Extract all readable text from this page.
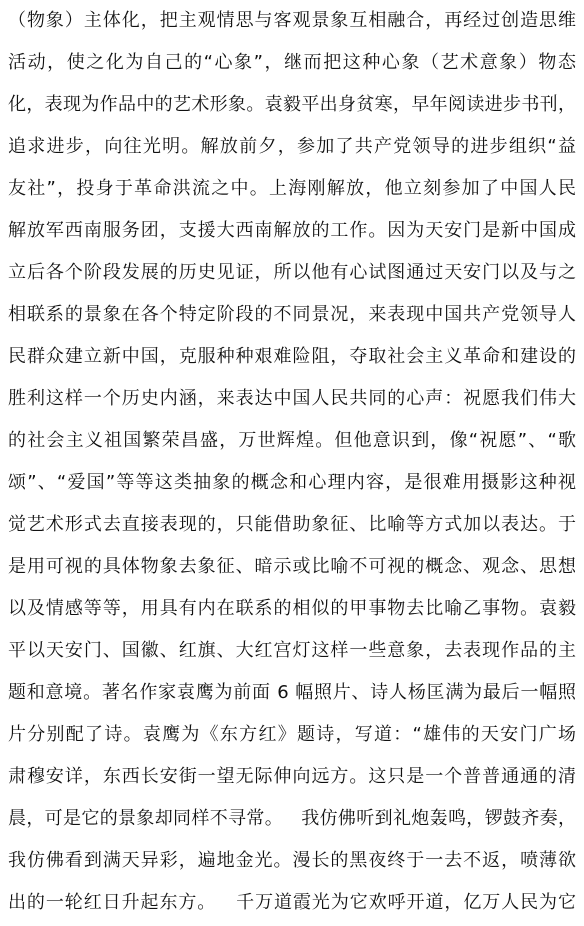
（物象）主体化，把主观情思与客观景象互相融合，再经过创造思维
活动，使之化为自己的“心象”，继而把这种心象（艺术意象）物态
化，表现为作品中的艺术形象。袁毅平出身贫寒，早年阅读进步书刊，
追求进步，向往光明。解放前夕，参加了共产党领导的进步组织“益
友社”，投身于革命洪流之中。上海刚解放，他立刻参加了中国人民
解放军西南服务团，支援大西南解放的工作。因为天安门是新中国成
立后各个阶段发展的历史见证，所以他有心试图通过天安门以及与之
相联系的景象在各个特定阶段的不同景况，来表现中国共产党领导人
民群众建立新中国，克服种种艰难险阻，夺取社会主义革命和建设的
胜利这样一个历史内涵，来表达中国人民共同的心声：祝愿我们伟大
的社会主义祖国繁荣昌盛，万世辉煌。但他意识到，像“祝愿”、“歌
颂”、“爱国”等等这类抽象的概念和心理内容，是很难用摄影这种视
觉艺术形式去直接表现的，只能借助象征、比喻等方式加以表达。于
是用可视的具体物象去象征、暗示或比喻不可视的概念、观念、思想
以及情感等等，用具有内在联系的相似的甲事物去比喻乙事物。袁毅
平以天安门、国徽、红旗、大红宫灯这样一些意象，去表现作品的主
题和意境。著名作家袁鹰为前面 6 幅照片、诗人杨匡满为最后一幅照
片分别配了诗。袁鹰为《东方红》题诗，写道：“雄伟的天安门广场
肃穆安详，东西长安街一望无际伸向远方。这只是一个普普通通的清
晨，可是它的景象却同样不寻常。   我仿佛听到礼炮轰鸣，锣鼓齐奏，
我仿佛看到满天异彩，遍地金光。漫长的黑夜终于一去不返，喷薄欲
出的一轮红日升起东方。   千万道霞光为它欢呼开道，亿万人民为它
